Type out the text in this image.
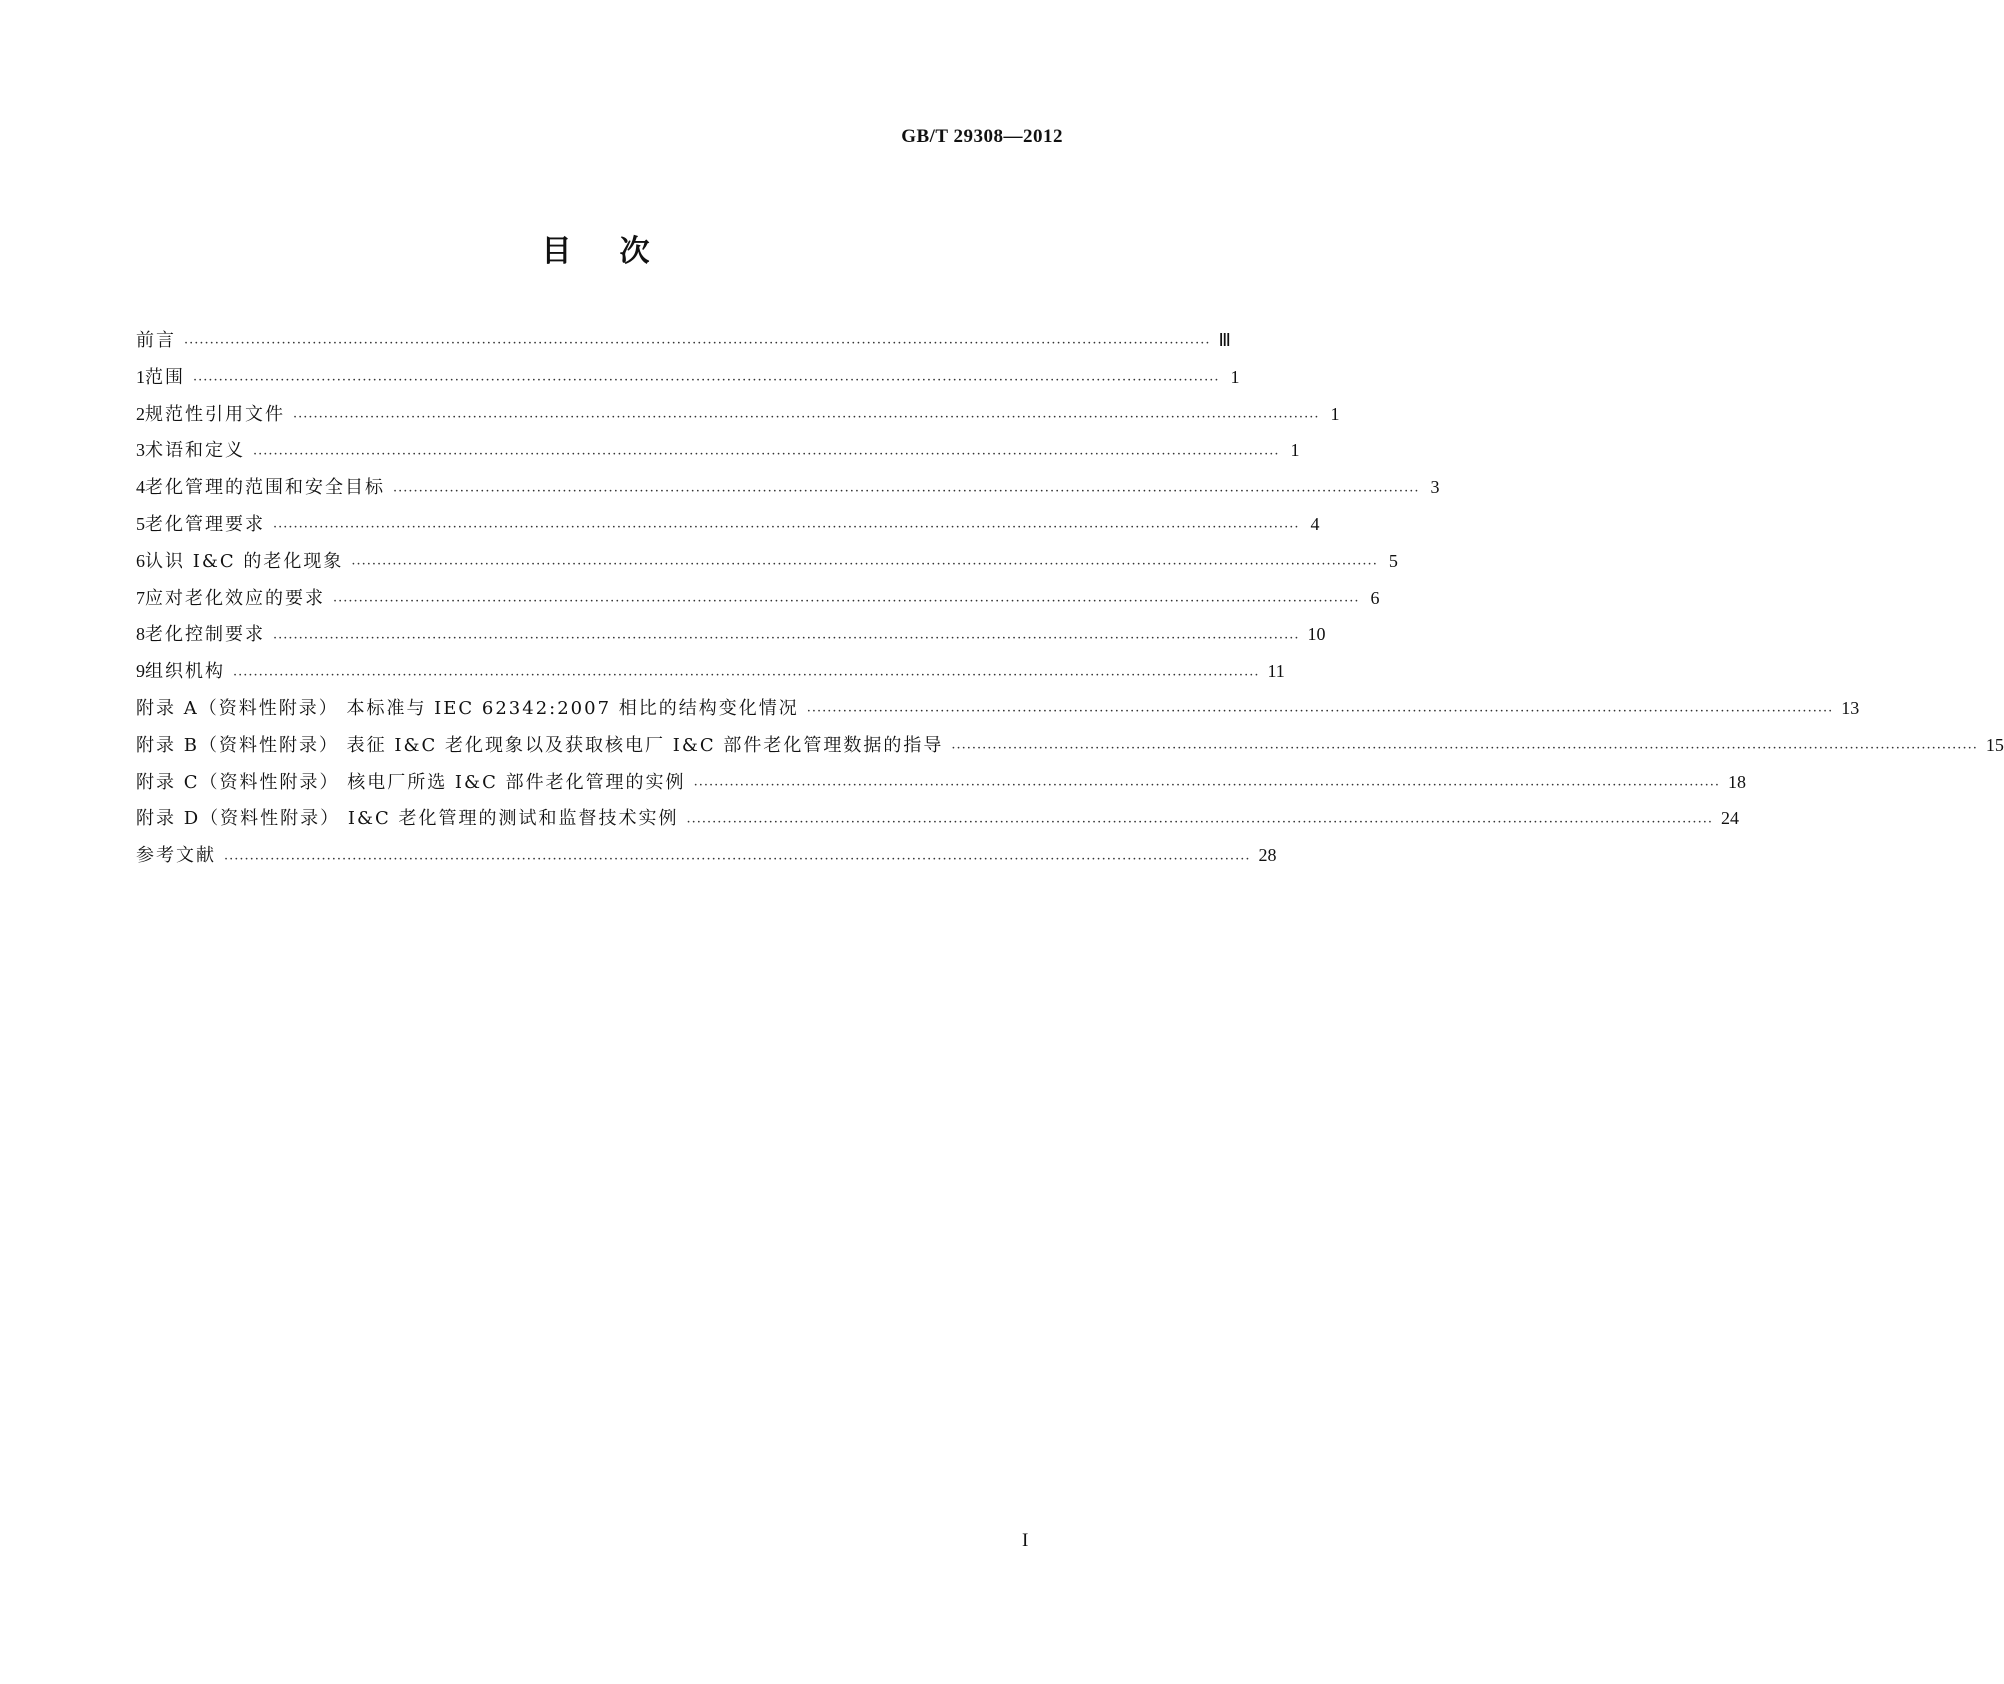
GB/T 29308—2012
目次
前言 ········································································································································································································ Ⅲ
1 范围 ········································································································································································································ 1
2 规范性引用文件 ········································································································································································································ 1
3 术语和定义 ········································································································································································································ 1
4 老化管理的范围和安全目标 ········································································································································································································ 3
5 老化管理要求 ········································································································································································································ 4
6 认识 I&C 的老化现象 ········································································································································································································ 5
7 应对老化效应的要求 ········································································································································································································ 6
8 老化控制要求 ········································································································································································································ 10
9 组织机构 ········································································································································································································ 11
附录 A（资料性附录） 本标准与 IEC 62342:2007 相比的结构变化情况 ········································································································································································································ 13
附录 B（资料性附录） 表征 I&C 老化现象以及获取核电厂 I&C 部件老化管理数据的指导 ········································································································································································································ 15
附录 C（资料性附录） 核电厂所选 I&C 部件老化管理的实例 ········································································································································································································ 18
附录 D（资料性附录） I&C 老化管理的测试和监督技术实例 ········································································································································································································ 24
参考文献 ········································································································································································································ 28
I
